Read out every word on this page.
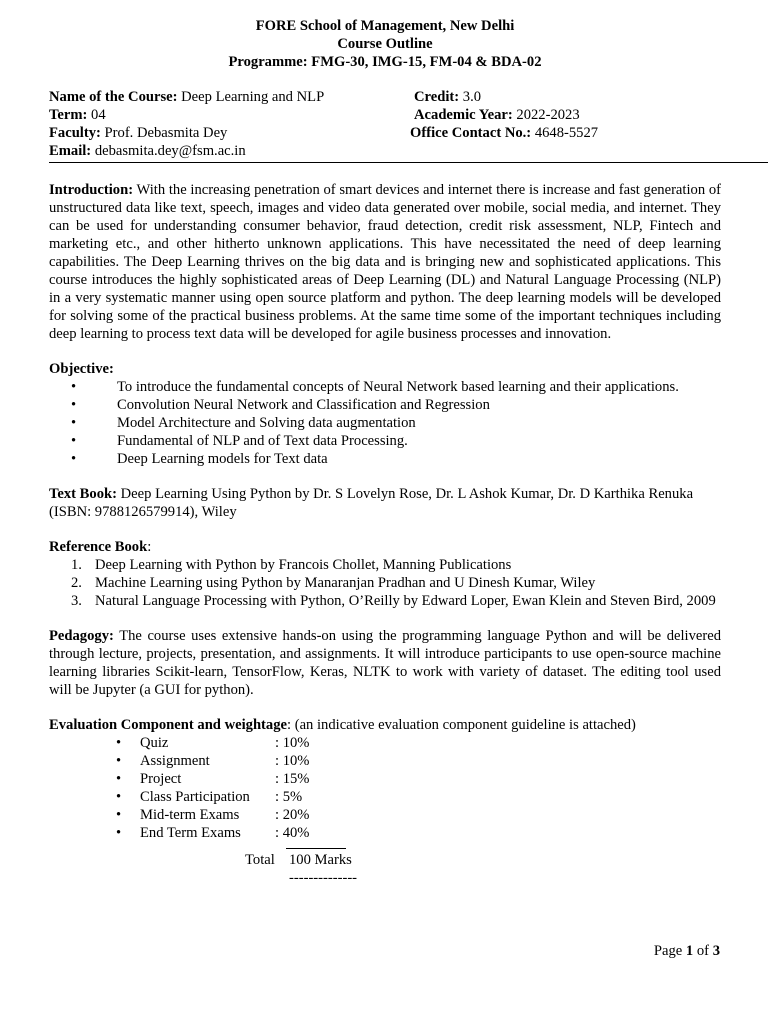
FORE School of Management, New Delhi
Course Outline
Programme: FMG-30, IMG-15, FM-04 & BDA-02
Name of the Course: Deep Learning and NLP	Credit: 3.0
Term: 04	Academic Year: 2022-2023
Faculty: Prof. Debasmita Dey	Office Contact No.: 4648-5527
Email: debasmita.dey@fsm.ac.in
Introduction: With the increasing penetration of smart devices and internet there is increase and fast generation of unstructured data like text, speech, images and video data generated over mobile, social media, and internet. They can be used for understanding consumer behavior, fraud detection, credit risk assessment, NLP, Fintech and marketing etc., and other hitherto unknown applications. This have necessitated the need of deep learning capabilities. The Deep Learning thrives on the big data and is bringing new and sophisticated applications. This course introduces the highly sophisticated areas of Deep Learning (DL) and Natural Language Processing (NLP) in a very systematic manner using open source platform and python. The deep learning models will be developed for solving some of the practical business problems. At the same time some of the important techniques including deep learning to process text data will be developed for agile business processes and innovation.
Objective:
•	To introduce the fundamental concepts of Neural Network based learning and their applications.
•	Convolution Neural Network and Classification and Regression
•	Model Architecture and Solving data augmentation
•	Fundamental of NLP and of Text data Processing.
•	Deep Learning models for Text data
Text Book: Deep Learning Using Python by Dr. S Lovelyn Rose, Dr. L Ashok Kumar, Dr. D Karthika Renuka (ISBN: 9788126579914), Wiley
Reference Book:
1. Deep Learning with Python by Francois Chollet, Manning Publications
2. Machine Learning using Python by Manaranjan Pradhan and U Dinesh Kumar, Wiley
3. Natural Language Processing with Python, O’Reilly by Edward Loper, Ewan Klein and Steven Bird, 2009
Pedagogy: The course uses extensive hands-on using the programming language Python and will be delivered through lecture, projects, presentation, and assignments. It will introduce participants to use open-source machine learning libraries Scikit-learn, TensorFlow, Keras, NLTK to work with variety of dataset. The editing tool used will be Jupyter (a GUI for python).
Evaluation Component and weightage: (an indicative evaluation component guideline is attached)
• Quiz	: 10%
• Assignment	: 10%
• Project	: 15%
• Class Participation : 5%
• Mid-term Exams : 20%
• End Term Exams : 40%
Total 100 Marks
--------------
Page 1 of 3
